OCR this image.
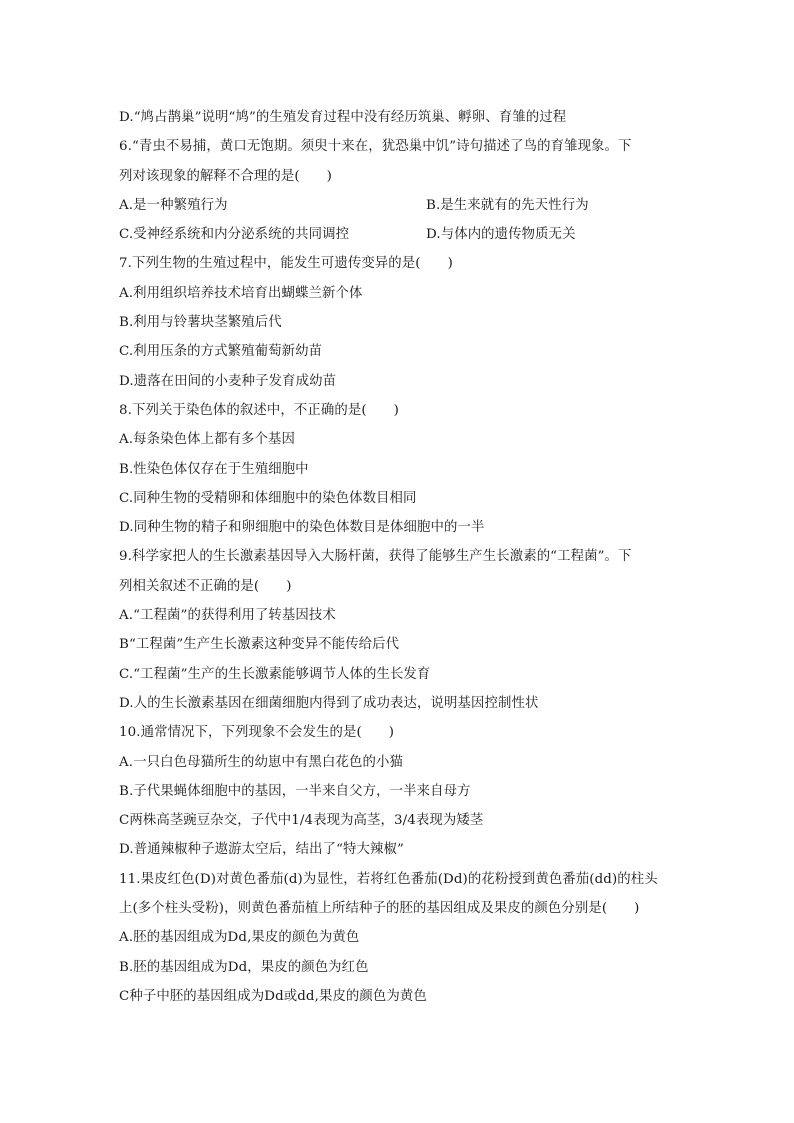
D.“鸠占鹊巢”说明“鸠”的生殖发育过程中没有经历筑巢、孵卵、育雏的过程
6.“青虫不易捕，黄口无饱期。须臾十来在，犹恐巢中饥”诗句描述了鸟的育雏现象。下
列对该现象的解释不合理的是(　　)
A.是一种繁殖行为	B.是生来就有的先天性行为
C.受神经系统和内分泌系统的共同调控	D.与体内的遗传物质无关
7.下列生物的生殖过程中，能发生可遗传变异的是(　　)
A.利用组织培养技术培育出蝴蝶兰新个体
B.利用与铃薯块茎繁殖后代
C.利用压条的方式繁殖葡萄新幼苗
D.遗落在田间的小麦种子发育成幼苗
8.下列关于染色体的叙述中，不正确的是(　　)
A.每条染色体上都有多个基因
B.性染色体仅存在于生殖细胞中
C.同种生物的受精卵和体细胞中的染色体数目相同
D.同种生物的精子和卵细胞中的染色体数目是体细胞中的一半
9.科学家把人的生长激素基因导入大肠杆菌，获得了能够生产生长激素的“工程菌”。下
列相关叙述不正确的是(　　)
A.“工程菌”的获得利用了转基因技术
B“工程菌”生产生长激素这种变异不能传给后代
C.“工程菌”生产的生长激素能够调节人体的生长发育
D.人的生长激素基因在细菌细胞内得到了成功表达，说明基因控制性状
10.通常情况下，下列现象不会发生的是(　　)
A.一只白色母猫所生的幼崽中有黑白花色的小猫
B.子代果蝇体细胞中的基因，一半来自父方，一半来自母方
C两株高茎豌豆杂交，子代中1/4表现为高茎，3/4表现为矮茎
D.普通辣椒种子遨游太空后，结出了“特大辣椒”
11.果皮红色(D)对黄色番茄(d)为显性，若将红色番茄(Dd)的花粉授到黄色番茄(dd)的柱头
上(多个柱头受粉)，则黄色番茄植上所结种子的胚的基因组成及果皮的颜色分别是(　　)
A.胚的基因组成为Dd,果皮的颜色为黄色
B.胚的基因组成为Dd，果皮的颜色为红色
C种子中胚的基因组成为Dd或dd,果皮的颜色为黄色
